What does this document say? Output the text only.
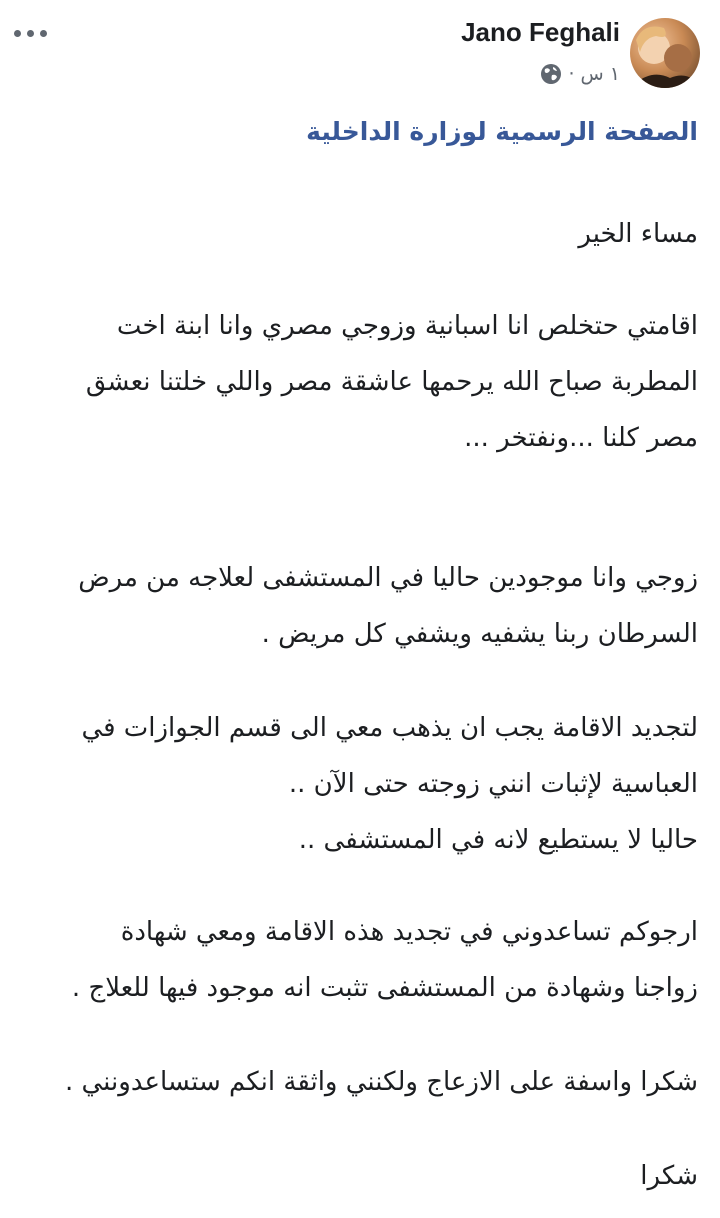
Jano Feghali
١ س ·
الصفحة الرسمية لوزارة الداخلية
مساء الخير
اقامتي حتخلص انا اسبانية وزوجي مصري وانا ابنة اخت
المطربة صباح الله يرحمها عاشقة مصر واللي خلتنا نعشق
مصر كلنا ...ونفتخر ...
زوجي وانا موجودين حاليا في المستشفى لعلاجه من مرض
السرطان ربنا يشفيه ويشفي كل مريض .
لتجديد الاقامة يجب ان يذهب معي الى قسم الجوازات في
العباسية لإثبات انني زوجته حتى الآن ..
حاليا لا يستطيع لانه في المستشفى ..
ارجوكم تساعدوني في تجديد هذه الاقامة ومعي شهادة
زواجنا وشهادة من المستشفى تثبت انه موجود فيها للعلاج .
شكرا واسفة على الازعاج ولكنني واثقة انكم ستساعدونني .
شكرا
